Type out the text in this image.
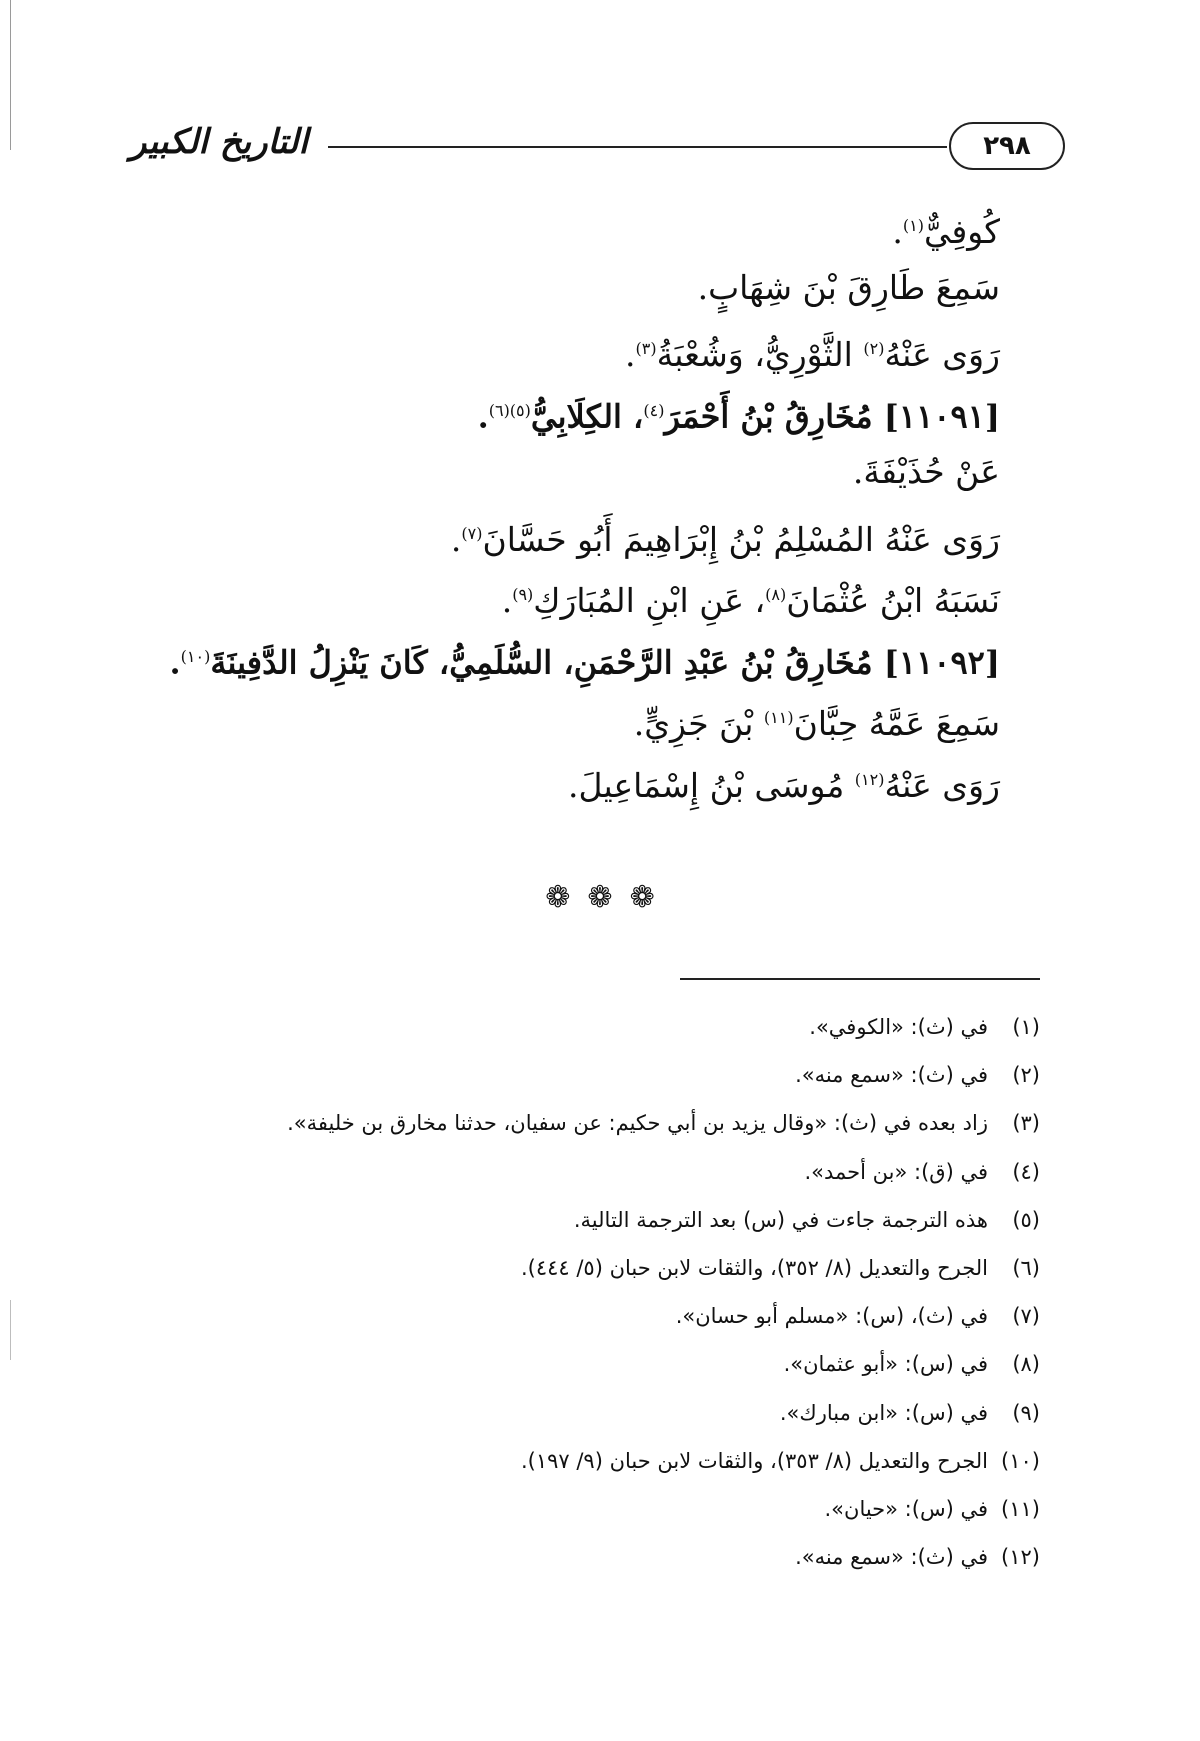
التاريخ الكبير	٢٩٨
كُوفِيٌّ$^{(١)}$.
سَمِعَ طَارِقَ بْنَ شِهَابٍ.
رَوَى عَنْهُ$^{(٢)}$ الثَّوْرِيُّ، وَشُعْبَةُ$^{(٣)}$.
[١١٠٩١] مُخَارِقُ بْنُ أَحْمَرَ$^{(٤)}$، الكِلَابِيُّ$^{(٥)(٦)}$.
عَنْ حُذَيْفَةَ.
رَوَى عَنْهُ المُسْلِمُ بْنُ إِبْرَاهِيمَ أَبُو حَسَّانَ$^{(٧)}$.
نَسَبَهُ ابْنُ عُثْمَانَ$^{(٨)}$، عَنِ ابْنِ المُبَارَكِ$^{(٩)}$.
[١١٠٩٢] مُخَارِقُ بْنُ عَبْدِ الرَّحْمَنِ، السُّلَمِيُّ، كَانَ يَنْزِلُ الدَّفِينَةَ$^{(١٠)}$.
سَمِعَ عَمَّهُ حِبَّانَ$^{(١١)}$ بْنَ جَزِيٍّ.
رَوَى عَنْهُ$^{(١٢)}$ مُوسَى بْنُ إِسْمَاعِيلَ.
❁ ❁ ❁
(١)في (ث): «الكوفي».
(٢)في (ث): «سمع منه».
(٣)زاد بعده في (ث): «وقال يزيد بن أبي حكيم: عن سفيان، حدثنا مخارق بن خليفة».
(٤)في (ق): «بن أحمد».
(٥)هذه الترجمة جاءت في (س) بعد الترجمة التالية.
(٦)الجرح والتعديل (٨/ ٣٥٢)، والثقات لابن حبان (٥/ ٤٤٤).
(٧)في (ث)، (س): «مسلم أبو حسان».
(٨)في (س): «أبو عثمان».
(٩)في (س): «ابن مبارك».
(١٠)الجرح والتعديل (٨/ ٣٥٣)، والثقات لابن حبان (٩/ ١٩٧).
(١١)في (س): «حيان».
(١٢)في (ث): «سمع منه».
